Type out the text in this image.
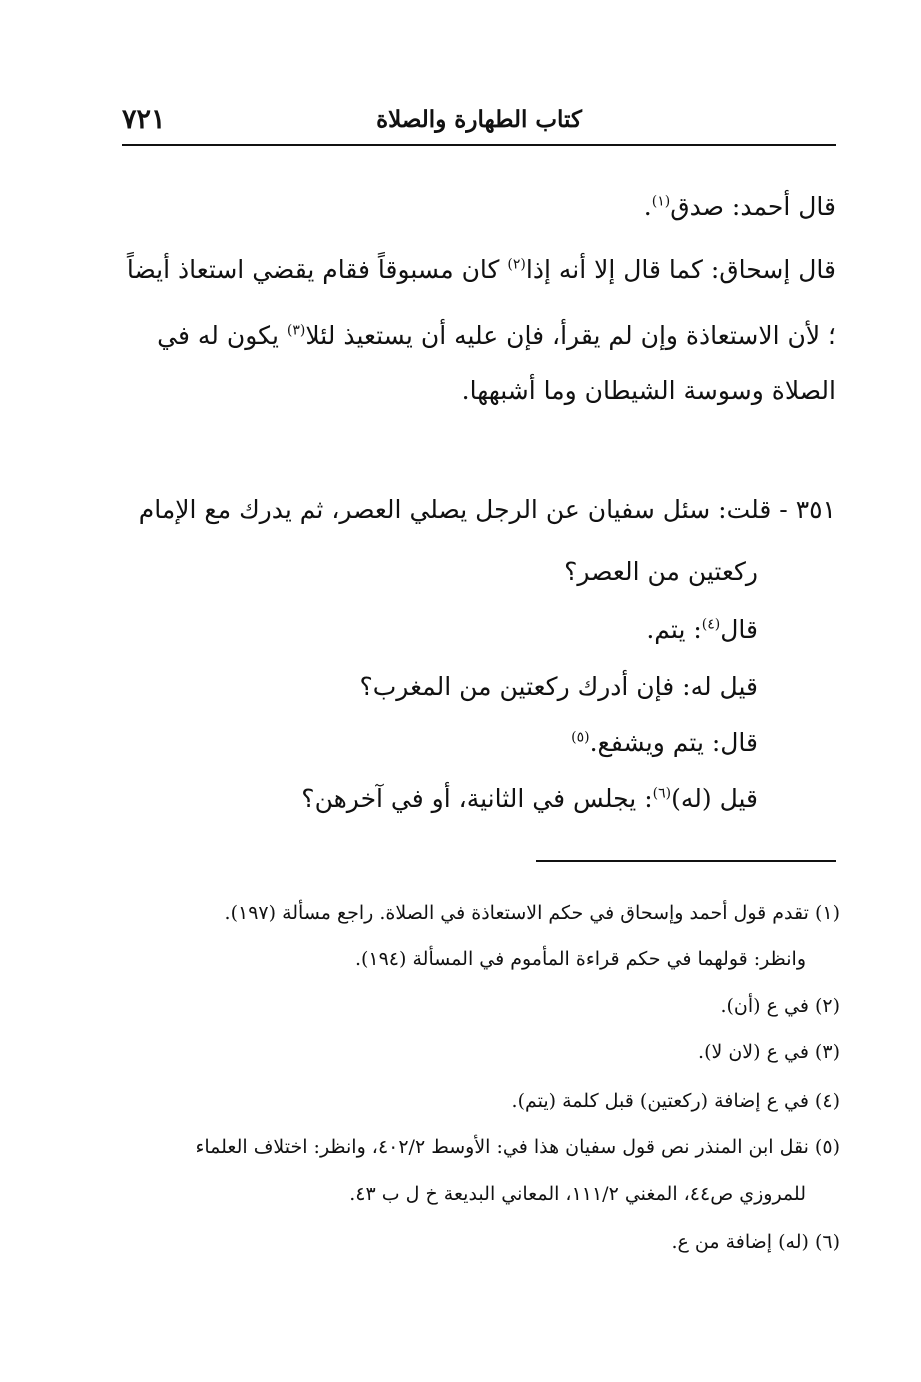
٧٢١	كتاب الطهارة والصلاة
قال أحمد: صدق$^{(١)}$.
قال إسحاق: كما قال إلا أنه إذا$^{(٢)}$ كان مسبوقاً فقام يقضي استعاذ أيضاً
؛ لأن الاستعاذة وإن لم يقرأ، فإن عليه أن يستعيذ لئلا$^{(٣)}$ يكون له في
الصلاة وسوسة الشيطان وما أشبهها.
٣٥١ - قلت: سئل سفيان عن الرجل يصلي العصر، ثم يدرك مع الإمام
ركعتين من العصر؟
قال$^{(٤)}$: يتم.
قيل له: فإن أدرك ركعتين من المغرب؟
قال: يتم ويشفع.$^{(٥)}$
قيل (له)$^{(٦)}$: يجلس في الثانية، أو في آخرهن؟
(١) تقدم قول أحمد وإسحاق في حكم الاستعاذة في الصلاة. راجع مسألة (١٩٧).
وانظر: قولهما في حكم قراءة المأموم في المسألة (١٩٤).
(٢) في ع (أن).
(٣) في ع (لان لا).
(٤) في ع إضافة (ركعتين) قبل كلمة (يتم).
(٥) نقل ابن المنذر نص قول سفيان هذا في: الأوسط ٤٠٢/٢، وانظر: اختلاف العلماء
للمروزي ص٤٤، المغني ١١١/٢، المعاني البديعة خ ل ب ٤٣.
(٦) (له) إضافة من ع.
